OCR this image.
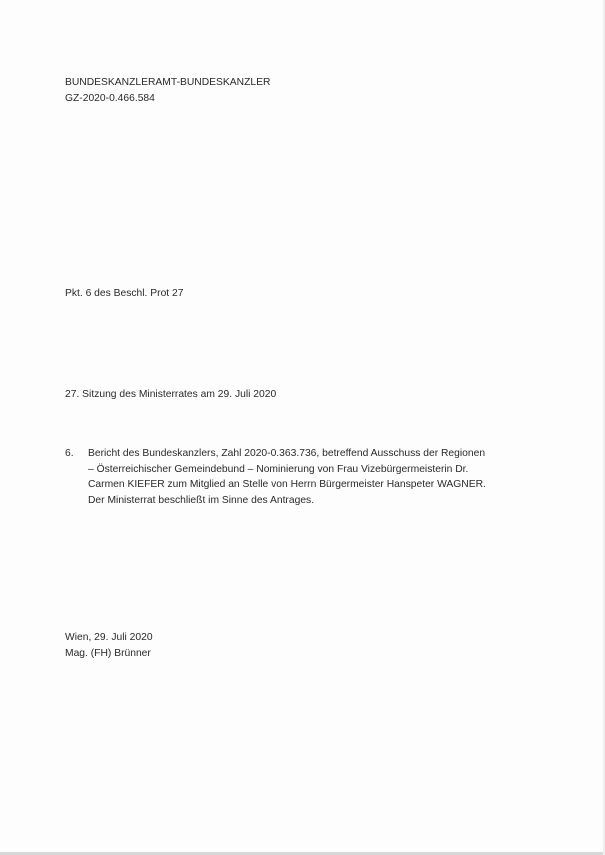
BUNDESKANZLERAMT-BUNDESKANZLER
GZ-2020-0.466.584
Pkt. 6 des Beschl. Prot 27
27. Sitzung des Ministerrates am 29. Juli 2020
6.	Bericht des Bundeskanzlers, Zahl 2020-0.363.736, betreffend Ausschuss der Regionen
– Österreichischer Gemeindebund – Nominierung von Frau Vizebürgermeisterin Dr.
Carmen KIEFER zum Mitglied an Stelle von Herrn Bürgermeister Hanspeter WAGNER.
Der Ministerrat beschließt im Sinne des Antrages.
Wien, 29. Juli 2020
Mag. (FH) Brünner
